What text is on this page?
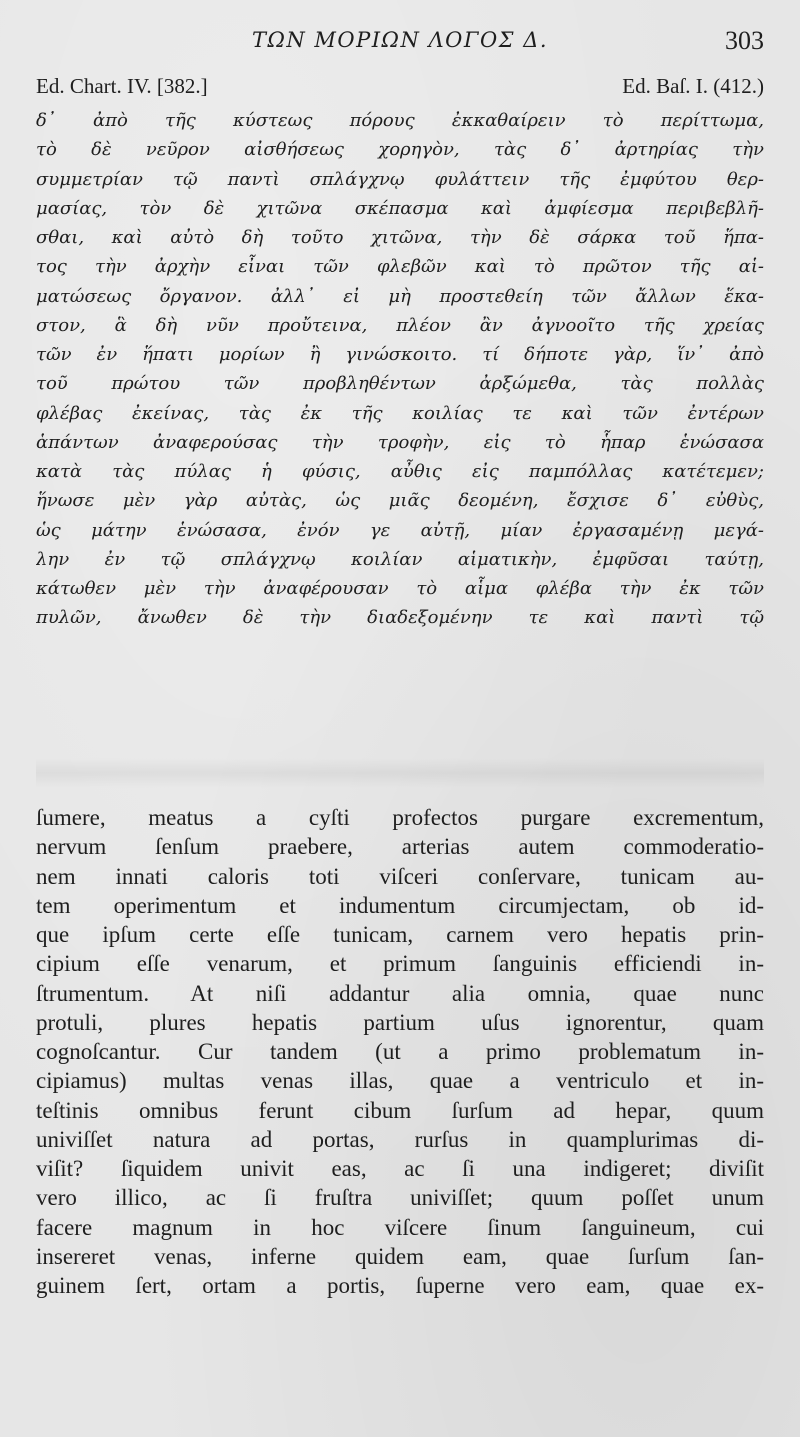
ΤΩΝ ΜΟΡΙΩΝ ΛΟΓΟΣ Δ.	303
Ed. Chart. IV. [382.]	Ed. Baſ. I. (412.)
δ᾽ ἀπὸ τῆς κύστεως πόρους ἐκκαθαίρειν τὸ περίττωμα,
τὸ δὲ νεῦρον αἰσθήσεως χορηγὸν, τὰς δ᾽ ἀρτηρίας τὴν
συμμετρίαν τῷ παντὶ σπλάγχνῳ φυλάττειν τῆς ἐμφύτου θερ-
μασίας, τὸν δὲ χιτῶνα σκέπασμα καὶ ἀμφίεσμα περιβεβλῆ-
σθαι, καὶ αὐτὸ δὴ τοῦτο χιτῶνα, τὴν δὲ σάρκα τοῦ ἥπα-
τος τὴν ἀρχὴν εἶναι τῶν φλεβῶν καὶ τὸ πρῶτον τῆς αἱ-
ματώσεως ὄργανον. ἀλλ᾽ εἰ μὴ προστεθείη τῶν ἄλλων ἕκα-
στον, ἃ δὴ νῦν προὔτεινα, πλέον ἂν ἀγνοοῖτο τῆς χρείας
τῶν ἐν ἥπατι μορίων ἢ γινώσκοιτο. τί δήποτε γὰρ, ἵν᾽ ἀπὸ
τοῦ πρώτου τῶν προβληθέντων ἀρξώμεθα, τὰς πολλὰς
φλέβας ἐκείνας, τὰς ἐκ τῆς κοιλίας τε καὶ τῶν ἐντέρων
ἁπάντων ἀναφερούσας τὴν τροφὴν, εἰς τὸ ἧπαρ ἑνώσασα
κατὰ τὰς πύλας ἡ φύσις, αὖθις εἰς παμπόλλας κατέτεμεν;
ἥνωσε μὲν γὰρ αὐτὰς, ὡς μιᾶς δεομένη, ἔσχισε δ᾽ εὐθὺς,
ὡς μάτην ἑνώσασα, ἐνόν γε αὐτῇ, μίαν ἐργασαμένῃ μεγά-
λην ἐν τῷ σπλάγχνῳ κοιλίαν αἱματικὴν, ἐμφῦσαι ταύτῃ,
κάτωθεν μὲν τὴν ἀναφέρουσαν τὸ αἷμα φλέβα τὴν ἐκ τῶν
πυλῶν, ἄνωθεν δὲ τὴν διαδεξομένην τε καὶ παντὶ τῷ
ſumere, meatus a cyſti profectos purgare excrementum,
nervum ſenſum praebere, arterias autem commoderatio-
nem innati caloris toti viſceri conſervare, tunicam au-
tem operimentum et indumentum circumjectam, ob id-
que ipſum certe eſſe tunicam, carnem vero hepatis prin-
cipium eſſe venarum, et primum ſanguinis efficiendi in-
ſtrumentum. At niſi addantur alia omnia, quae nunc
protuli, plures hepatis partium uſus ignorentur, quam
cognoſcantur. Cur tandem (ut a primo problematum in-
cipiamus) multas venas illas, quae a ventriculo et in-
teſtinis omnibus ferunt cibum ſurſum ad hepar, quum
univiſſet natura ad portas, rurſus in quamplurimas di-
viſit? ſiquidem univit eas, ac ſi una indigeret; diviſit
vero illico, ac ſi fruſtra univiſſet; quum poſſet unum
facere magnum in hoc viſcere ſinum ſanguineum, cui
insereret venas, inferne quidem eam, quae ſurſum ſan-
guinem ſert, ortam a portis, ſuperne vero eam, quae ex-
